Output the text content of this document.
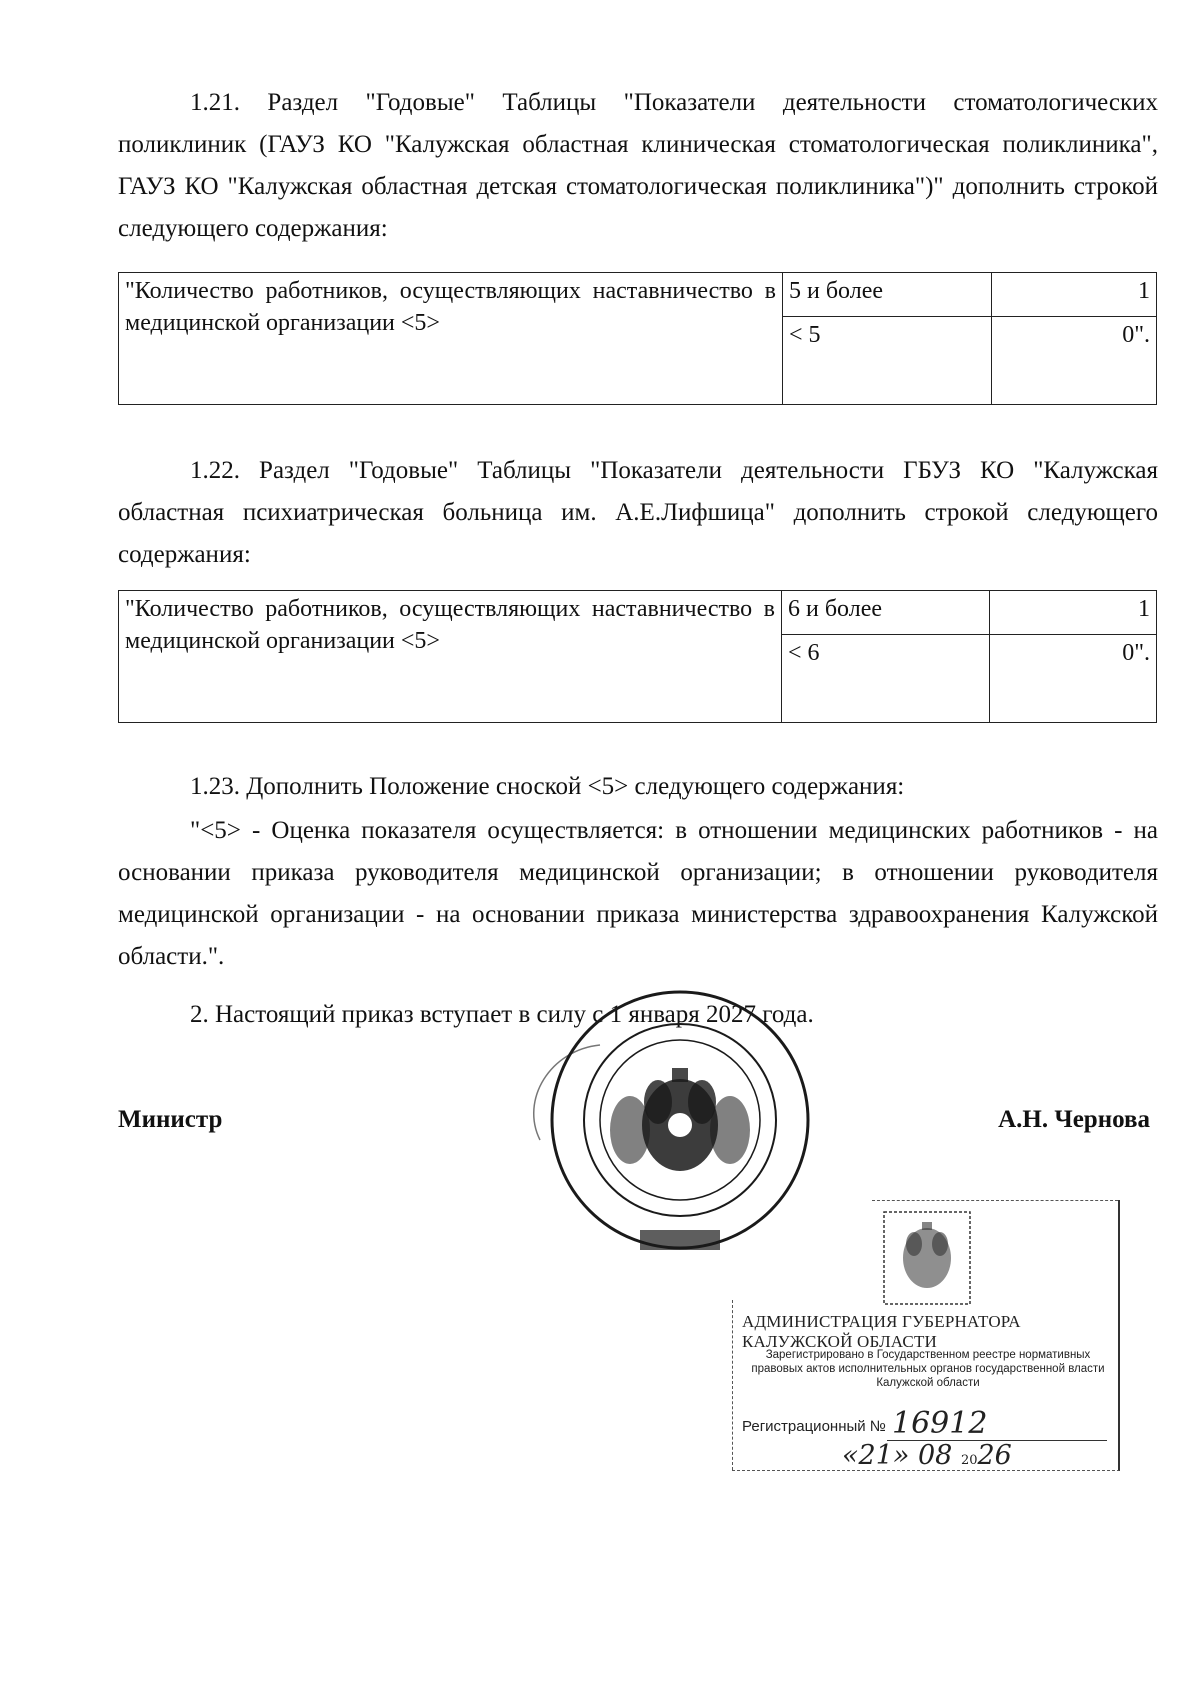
1.21. Раздел "Годовые" Таблицы "Показатели деятельности стоматологических поликлиник (ГАУЗ КО "Калужская областная клиническая стоматологическая поликлиника", ГАУЗ КО "Калужская областная детская стоматологическая поликлиника")" дополнить строкой следующего содержания:

"Количество работников, осуществляющих наставничество в медицинской организации <5>	5 и более	1
	< 5	0".

1.22. Раздел "Годовые" Таблицы "Показатели деятельности ГБУЗ КО "Калужская областная психиатрическая больница им. А.Е.Лифшица" дополнить строкой следующего содержания:

"Количество работников, осуществляющих наставничество в медицинской организации <5>	6 и более	1
	< 6	0".

1.23. Дополнить Положение сноской <5> следующего содержания:

"<5> - Оценка показателя осуществляется: в отношении медицинских работников - на основании приказа руководителя медицинской организации; в отношении руководителя медицинской организации - на основании приказа министерства здравоохранения Калужской области.".

2. Настоящий приказ вступает в силу с 1 января 2027 года.

Министр	А.Н. Чернова
АДМИНИСТРАЦИЯ ГУБЕРНАТОРА КАЛУЖСКОЙ ОБЛАСТИ
Зарегистрировано в Государственном реестре нормативных правовых актов исполнительных органов государственной власти Калужской области
Регистрационный № 16912
«21» 08 2026
